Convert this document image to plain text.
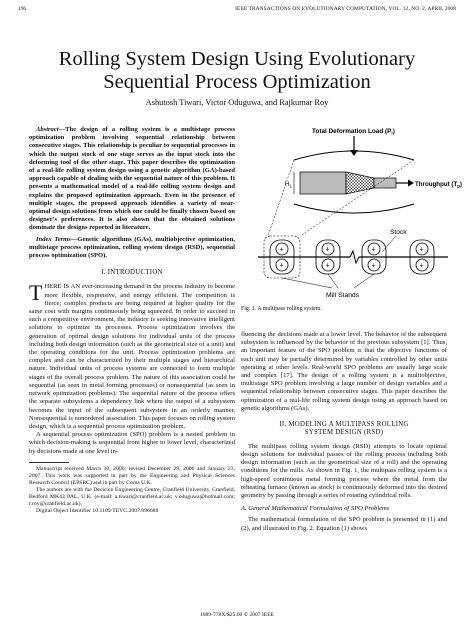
196	IEEE TRANSACTIONS ON EVOLUTIONARY COMPUTATION, VOL. 12, NO. 2, APRIL 2008
Rolling System Design Using Evolutionary
Sequential Process Optimization
Ashutosh Tiwari, Victor Oduguwa, and Rajkumar Roy

Abstract—The design of a rolling system is a multistage process optimization problem involving sequential relationship between consecutive stages. This relationship is peculiar to sequential processes in which the output stock of one stage serves as the input stock into the deforming tool of the other stage. This paper describes the optimization of a real-life rolling system design using a genetic algorithm (GA)-based approach capable of dealing with the sequential nature of this problem. It presents a mathematical model of a real-life rolling system design and explains the proposed optimization approach. Even in the presence of multiple stages, the proposed approach identifies a variety of near-optimal design solutions from which one could be finally chosen based on designer's preferences. It is also shown that the obtained solutions dominate the designs reported in literature.

Index Terms—Genetic algorithms (GAs), multiobjective optimization, multistage process optimization, rolling system design (RSD), sequential process optimization (SPO).

I. INTRODUCTION

THERE IS AN ever-increasing demand in the process industry to become more flexible, responsive, and energy efficient. The competition is fierce; complex products are being required at higher quality for the same cost with margins continuously being squeezed. In order to succeed in such a competitive environment, the industry is seeking innovative intelligent solutions to optimize its processes. Process optimization involves the generation of optimal design solutions for individual units of the process including both design information (such as the geometrical size of a unit) and the operating conditions for the unit. Process optimization problems are complex and can be characterized by their multiple stages and hierarchical nature. Individual units of process systems are connected to form multiple stages of the overall process problem. The nature of this association could be sequential (as seen in metal forming processes) or nonsequential (as seen in network optimization problems). The sequential nature of the process offers the separate subsystems a dependency link where the output of a subsystem becomes the input of the subsequent subsystem in an orderly manner. Nonsequential is nonordered association. This paper focuses on rolling system design, which is a sequential process optimization problem.

A sequential process optimization (SPO) problem is a nested problem in which decision-making is sequential from higher to lower level, characterized by decisions made at one level in-

Manuscript received March 30, 2006; revised December 29, 2006 and January 23, 2007. This work was supported in part by the Engineering and Physical Sciences Research Council (EPSRC) and in part by Corus U.K.

The authors are with the Decision Engineering Centre, Cranfield University, Cranfield, Bedford MK43 0AL, U.K. (e-mail: a.tiwari@cranfield.ac.uk; v.oduguwa@hotmail.com; r.roy@cranfield.ac.uk).

Digital Object Identifier 10.1109/TEVC.2007.896688

Total Deformation Load $(P_i)$
$H_1$	Throughput $(T_p)$
Stock
+
+
+
+
+
+
+
+
Mill Stands
Fig. 1. A multipass rolling system.

fluencing the decisions made at a lower level. The behavior of the subsequent subsystem is influenced by the behavior of the previous subsystem [1]. Thus, an important feature of the SPO problem is that the objective functions of each unit may be partially determined by variables controlled by other units operating at other levels. Real-world SPO problems are usually large scale and complex [17]. The design of a rolling system is a multiobjective, multistage SPO problem involving a large number of design variables and a sequential relationship between consecutive stages. This paper describes the optimization of a real-life rolling system design using an approach based on genetic algorithms (GAs).

II. MODELING A MULTIPASS ROLLING
SYSTEM DESIGN (RSD)

The multipass rolling system design (RSD) attempts to locate optimal design solutions for individual passes of the rolling process including both design information (such as the geometrical size of a roll) and the operating conditions for the mills. As shown in Fig. 1, the multipass rolling system is a high-speed continuous metal forming process where the metal from the reheating furnace (known as stock) is continuously deformed into the desired geometry by passing through a series of rotating cylindrical rolls.

A. General Mathematical Formulation of SPO Problems

The mathematical formulation of the SPO problem is presented in (1) and (2), and illustrated in Fig. 2. Equation (1) shows

1089-778X/$25.00 © 2007 IEEE
